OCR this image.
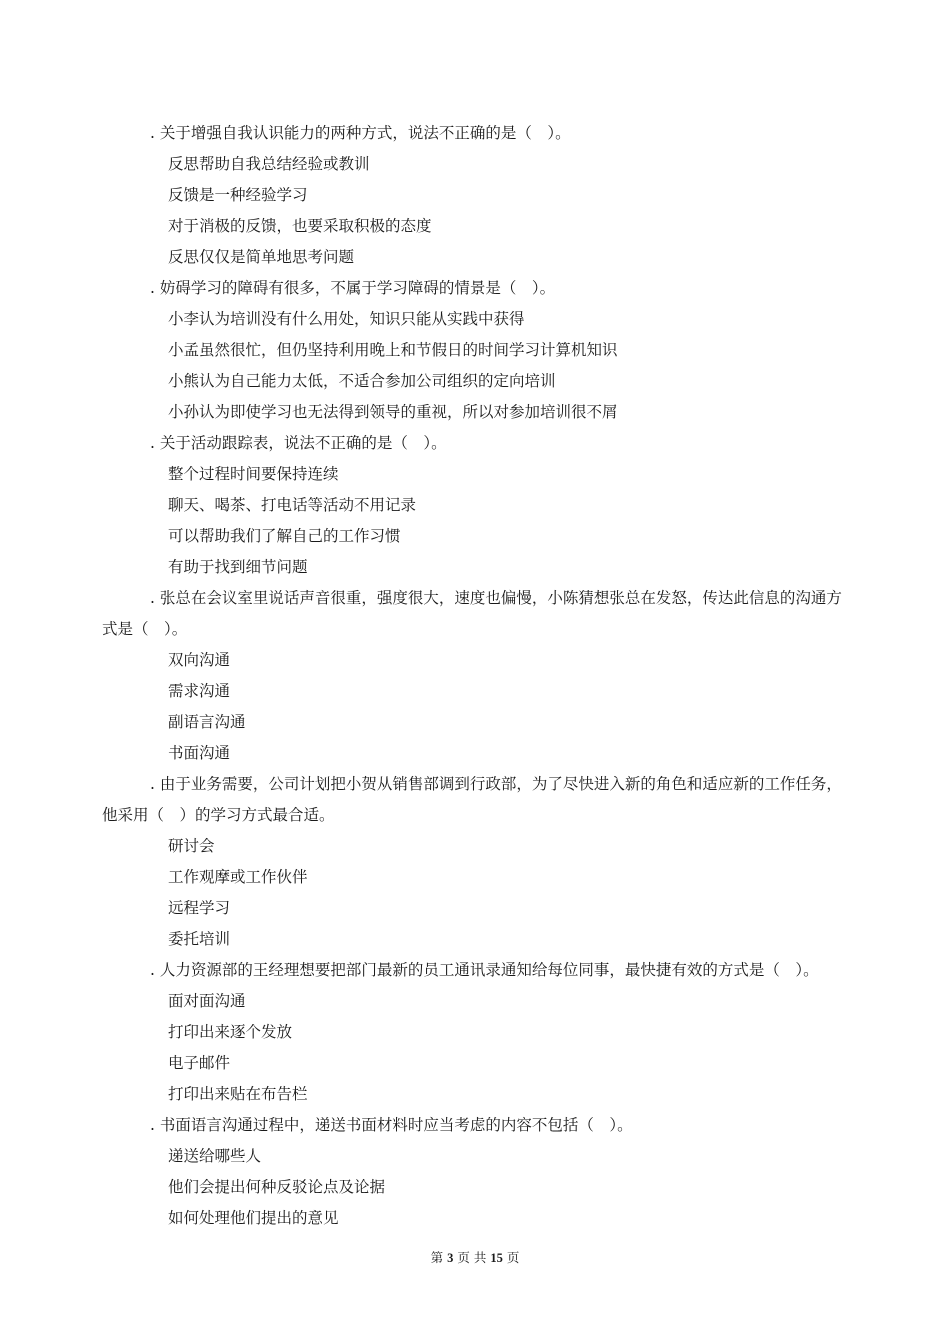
. 关于增强自我认识能力的两种方式，说法不正确的是（　）。
反思帮助自我总结经验或教训
反馈是一种经验学习
对于消极的反馈，也要采取积极的态度
反思仅仅是简单地思考问题
. 妨碍学习的障碍有很多，不属于学习障碍的情景是（　）。
小李认为培训没有什么用处，知识只能从实践中获得
小孟虽然很忙，但仍坚持利用晚上和节假日的时间学习计算机知识
小熊认为自己能力太低，不适合参加公司组织的定向培训
小孙认为即使学习也无法得到领导的重视，所以对参加培训很不屑
. 关于活动跟踪表，说法不正确的是（　）。
整个过程时间要保持连续
聊天、喝茶、打电话等活动不用记录
可以帮助我们了解自己的工作习惯
有助于找到细节问题
. 张总在会议室里说话声音很重，强度很大，速度也偏慢，小陈猜想张总在发怒，传达此信息的沟通方式是（　）。
双向沟通
需求沟通
副语言沟通
书面沟通
. 由于业务需要，公司计划把小贺从销售部调到行政部，为了尽快进入新的角色和适应新的工作任务，他采用（　）的学习方式最合适。
研讨会
工作观摩或工作伙伴
远程学习
委托培训
. 人力资源部的王经理想要把部门最新的员工通讯录通知给每位同事，最快捷有效的方式是（　）。
面对面沟通
打印出来逐个发放
电子邮件
打印出来贴在布告栏
. 书面语言沟通过程中，递送书面材料时应当考虑的内容不包括（　）。
递送给哪些人
他们会提出何种反驳论点及论据
如何处理他们提出的意见
第 3 页 共 15 页
